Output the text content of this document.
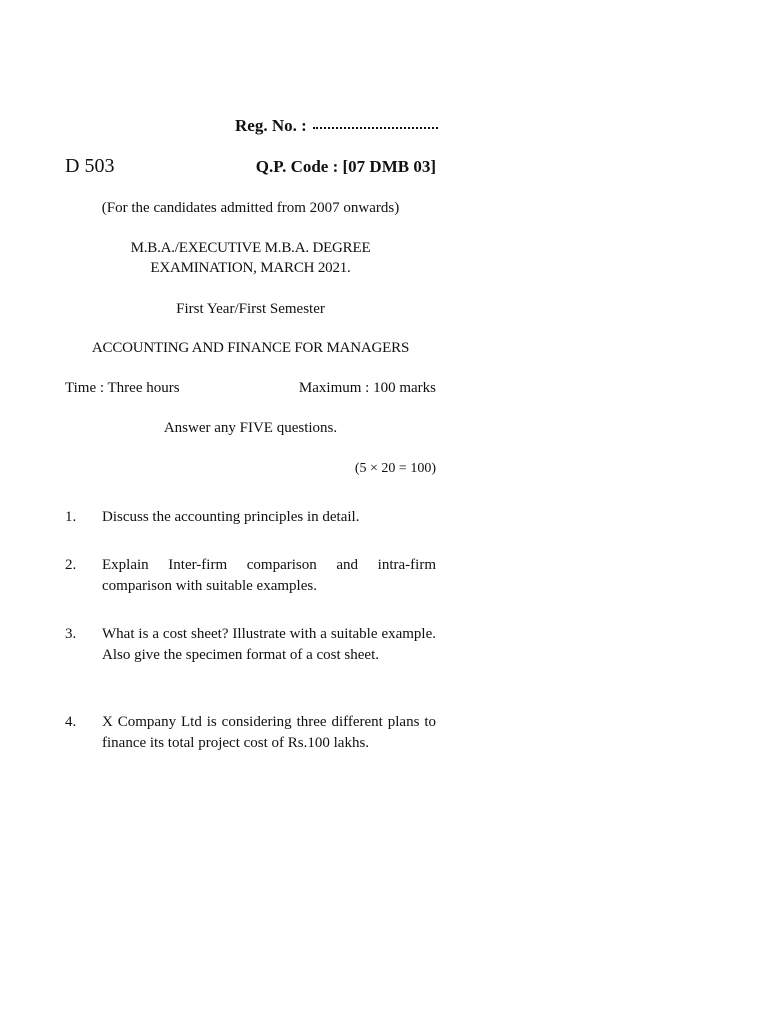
Reg. No. :
D 503	Q.P. Code : [07 DMB 03]
(For the candidates admitted from 2007 onwards)
M.B.A./EXECUTIVE M.B.A. DEGREE
EXAMINATION, MARCH 2021.
First Year/First Semester
ACCOUNTING AND FINANCE FOR MANAGERS
Time : Three hours	Maximum : 100 marks
Answer any FIVE questions.
(5 × 20 = 100)
1. Discuss the accounting principles in detail.
2. Explain Inter-firm comparison and intra-firm comparison with suitable examples.
3. What is a cost sheet? Illustrate with a suitable example. Also give the specimen format of a cost sheet.
4. X Company Ltd is considering three different plans to finance its total project cost of Rs.100 lakhs.
